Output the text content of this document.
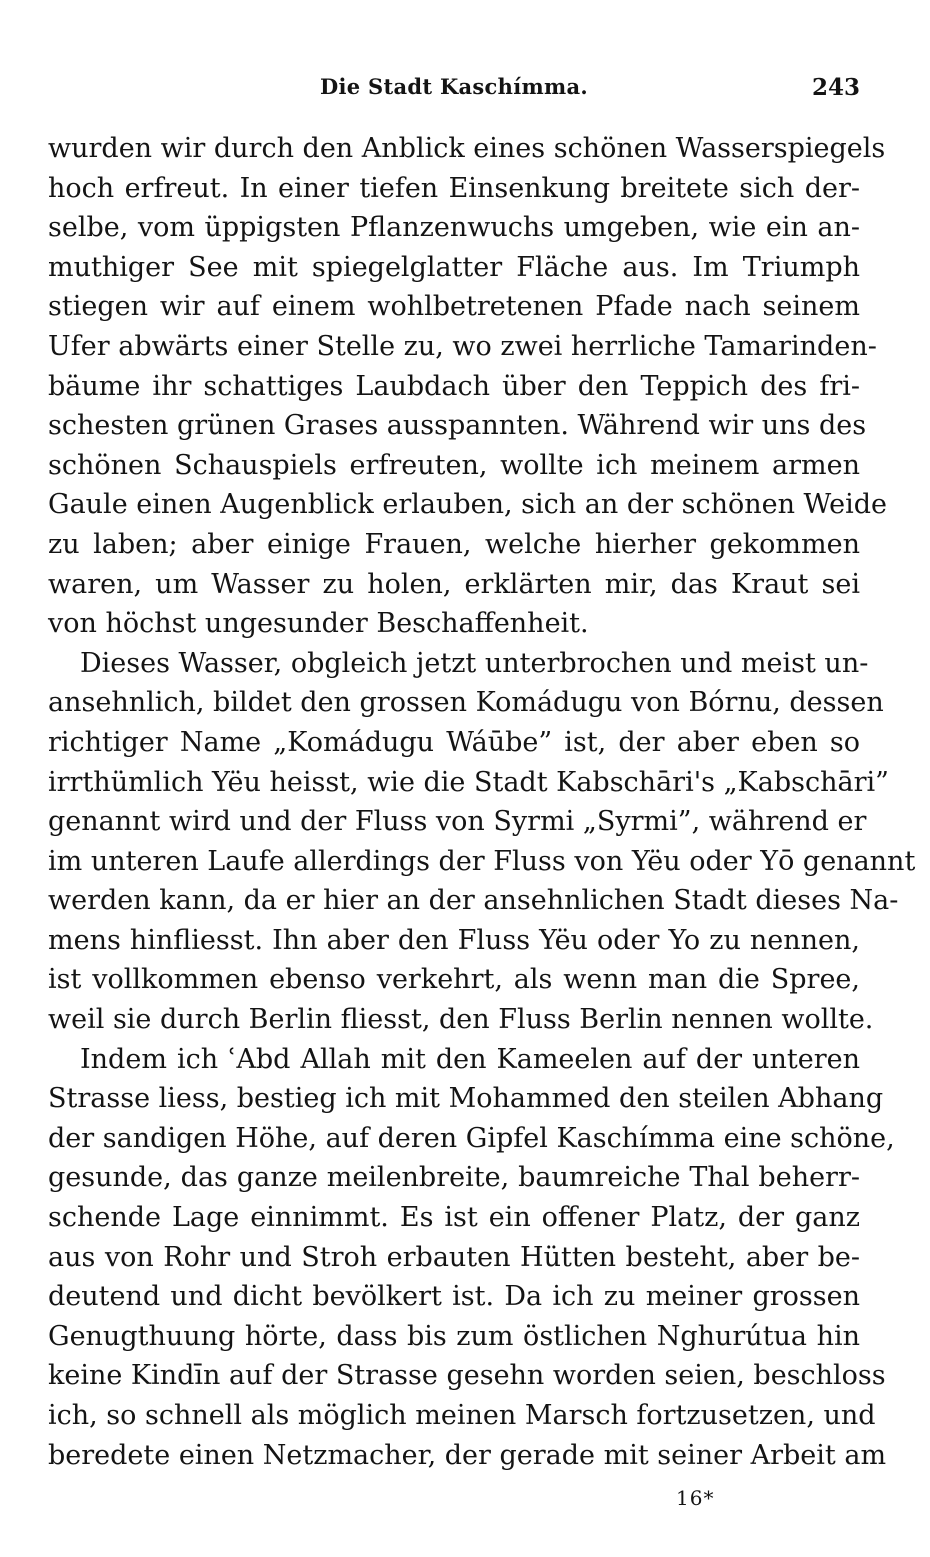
Die Stadt Kaschímma.	243
wurden wir durch den Anblick eines schönen Wasserspiegels
hoch erfreut. In einer tiefen Einsenkung breitete sich der-
selbe, vom üppigsten Pflanzenwuchs umgeben, wie ein an-
muthiger See mit spiegelglatter Fläche aus. Im Triumph
stiegen wir auf einem wohlbetretenen Pfade nach seinem
Ufer abwärts einer Stelle zu, wo zwei herrliche Tamarinden-
bäume ihr schattiges Laubdach über den Teppich des fri-
schesten grünen Grases ausspannten. Während wir uns des
schönen Schauspiels erfreuten, wollte ich meinem armen
Gaule einen Augenblick erlauben, sich an der schönen Weide
zu laben; aber einige Frauen, welche hierher gekommen
waren, um Wasser zu holen, erklärten mir, das Kraut sei
von höchst ungesunder Beschaffenheit.
Dieses Wasser, obgleich jetzt unterbrochen und meist un-
ansehnlich, bildet den grossen Komádugu von Bórnu, dessen
richtiger Name „Komádugu Wáūbe” ist, der aber eben so
irrthümlich Yëu heisst, wie die Stadt Kabschāri's „Kabschāri”
genannt wird und der Fluss von Syrmi „Syrmi”, während er
im unteren Laufe allerdings der Fluss von Yëu oder Yō genannt
werden kann, da er hier an der ansehnlichen Stadt dieses Na-
mens hinfliesst. Ihn aber den Fluss Yëu oder Yo zu nennen,
ist vollkommen ebenso verkehrt, als wenn man die Spree,
weil sie durch Berlin fliesst, den Fluss Berlin nennen wollte.
Indem ich ʿAbd Allah mit den Kameelen auf der unteren
Strasse liess, bestieg ich mit Mohammed den steilen Abhang
der sandigen Höhe, auf deren Gipfel Kaschímma eine schöne,
gesunde, das ganze meilenbreite, baumreiche Thal beherr-
schende Lage einnimmt. Es ist ein offener Platz, der ganz
aus von Rohr und Stroh erbauten Hütten besteht, aber be-
deutend und dicht bevölkert ist. Da ich zu meiner grossen
Genugthuung hörte, dass bis zum östlichen Nghurútua hin
keine Kindīn auf der Strasse gesehn worden seien, beschloss
ich, so schnell als möglich meinen Marsch fortzusetzen, und
beredete einen Netzmacher, der gerade mit seiner Arbeit am
16*
